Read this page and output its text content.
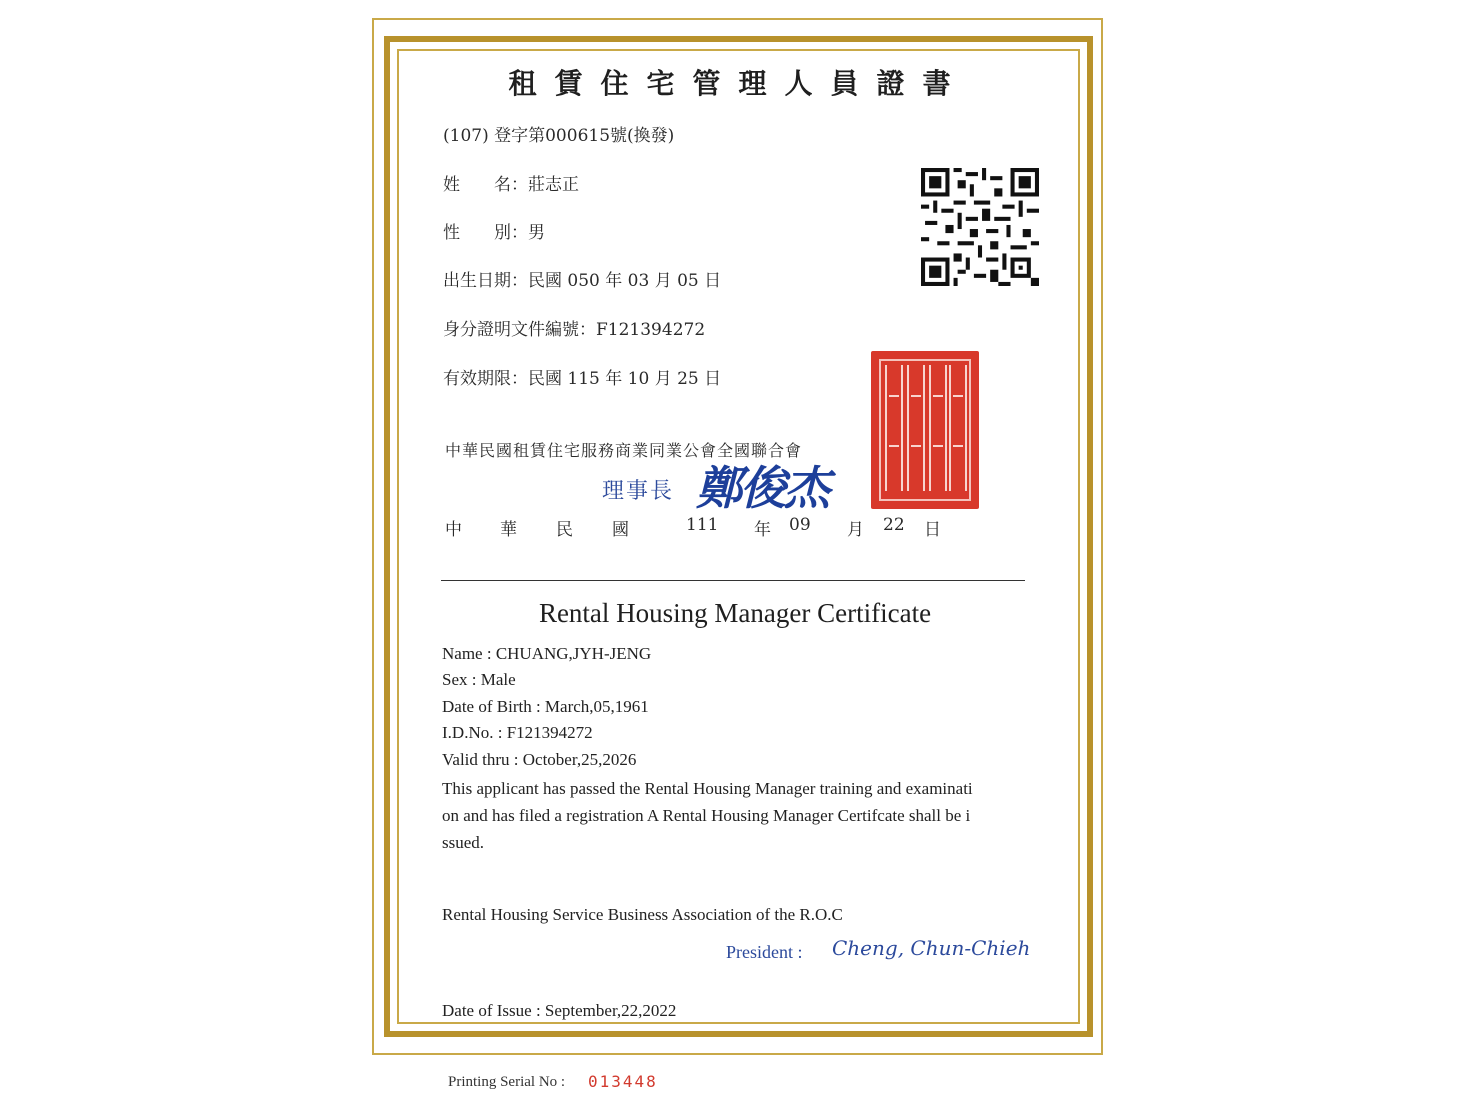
租賃住宅管理人員證書
(107) 登字第000615號(換發)
姓　　名：莊志正
性　　別：男
出生日期：民國 050 年 03 月 05 日
身分證明文件編號：F121394272
有效期限：民國 115 年 10 月 25 日
中華民國租賃住宅服務商業同業公會全國聯合會
理事長 鄭俊杰
中 華 民 國	111 年 09 月 22 日
Rental Housing Manager Certificate
Name : CHUANG,JYH-JENG
Sex : Male
Date of Birth : March,05,1961
I.D.No. : F121394272
Valid thru : October,25,2026
This applicant has passed the Rental Housing Manager training and examinati
on and has filed a registration A Rental Housing Manager Certifcate shall be i
ssued.
Rental Housing Service Business Association of the R.O.C
President : Cheng, Chun-Chieh
Date of Issue : September,22,2022
Printing Serial No : 013448
